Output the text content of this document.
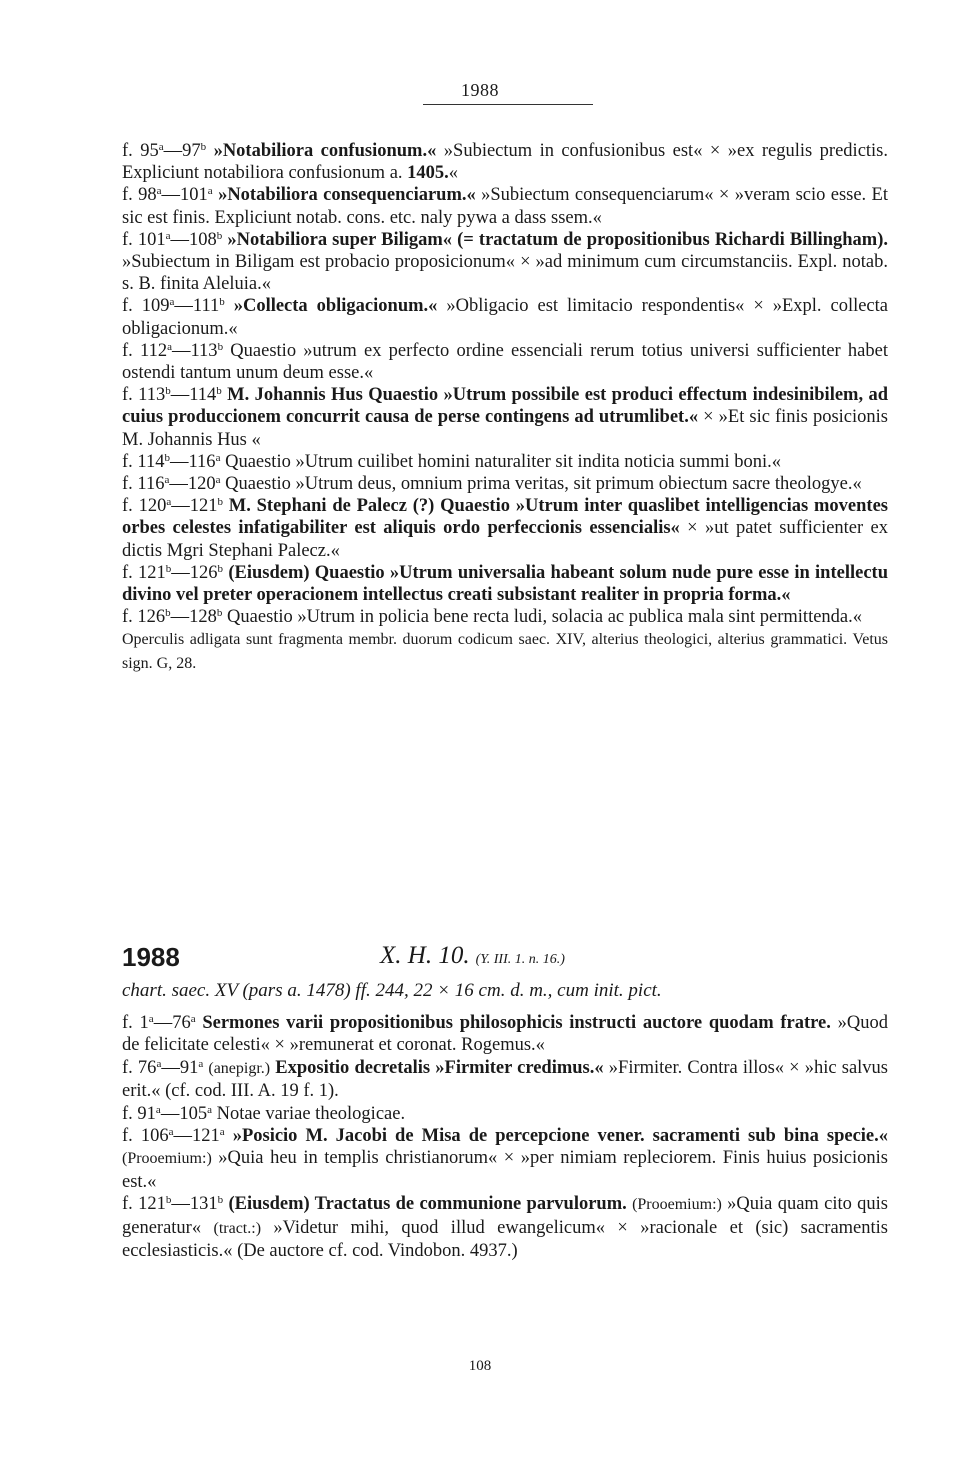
1988

f. 95$^a$—97$^b$ »Notabiliora confusionum.« »Subiectum in confusionibus est« × »ex regulis predictis. Expliciunt notabiliora confusionum a. 1405.«

f. 98$^a$—101$^a$ »Notabiliora consequenciarum.« »Subiectum consequenciarum« × »veram scio esse. Et sic est finis. Expliciunt notab. cons. etc. naly pywa a dass ssem.«

f. 101$^a$—108$^b$ »Notabiliora super Biligam« (= tractatum de propositionibus Richardi Billingham). »Subiectum in Biligam est probacio proposicionum« × »ad minimum cum circumstanciis. Expl. notab. s. B. finita Aleluia.«

f. 109$^a$—111$^b$ »Collecta obligacionum.« »Obligacio est limitacio respondentis« × »Expl. collecta obligacionum.«

f. 112$^a$—113$^b$ Quaestio »utrum ex perfecto ordine essenciali rerum totius universi sufficienter habet ostendi tantum unum deum esse.«

f. 113$^b$—114$^b$ M. Johannis Hus Quaestio »Utrum possibile est produci effectum indesinibilem, ad cuius produccionem concurrit causa de perse contingens ad utrumlibet.« × »Et sic finis posicionis M. Johannis Hus «

f. 114$^b$—116$^a$ Quaestio »Utrum cuilibet homini naturaliter sit indita noticia summi boni.«

f. 116$^a$—120$^a$ Quaestio »Utrum deus, omnium prima veritas, sit primum obiectum sacre theologye.«

f. 120$^a$—121$^b$ M. Stephani de Palecz (?) Quaestio »Utrum inter quaslibet intelligencias moventes orbes celestes infatigabiliter est aliquis ordo perfeccionis essencialis« × »ut patet sufficienter ex dictis Mgri Stephani Palecz.«

f. 121$^b$—126$^b$ (Eiusdem) Quaestio »Utrum universalia habeant solum nude pure esse in intellectu divino vel preter operacionem intellectus creati subsistant realiter in propria forma.«

f. 126$^b$—128$^b$ Quaestio »Utrum in policia bene recta ludi, solacia ac publica mala sint permittenda.«

Operculis adligata sunt fragmenta membr. duorum codicum saec. XIV, alterius theologici, alterius grammatici. Vetus sign. G, 28.

1988	X. H. 10. (Y. III. 1. n. 16.)
chart. saec. XV (pars a. 1478) ff. 244, 22 × 16 cm. d. m., cum init. pict.

f. 1$^a$—76$^a$ Sermones varii propositionibus philosophicis instructi auctore quodam fratre. »Quod de felicitate celesti« × »remunerat et coronat. Rogemus.«

f. 76$^a$—91$^a$ (anepigr.) Expositio decretalis »Firmiter credimus.« »Firmiter. Contra illos« × »hic salvus erit.« (cf. cod. III. A. 19 f. 1).

f. 91$^a$—105$^a$ Notae variae theologicae.

f. 106$^a$—121$^a$ »Posicio M. Jacobi de Misa de percepcione vener. sacramenti sub bina specie.« (Prooemium:) »Quia heu in templis christianorum« × »per nimiam repleciorem. Finis huius posicionis est.«

f. 121$^b$—131$^b$ (Eiusdem) Tractatus de communione parvulorum. (Prooemium:) »Quia quam cito quis generatur« (tract.:) »Videtur mihi, quod illud ewangelicum« × »racionale et (sic) sacramentis ecclesiasticis.« (De auctore cf. cod. Vindobon. 4937.)

108
